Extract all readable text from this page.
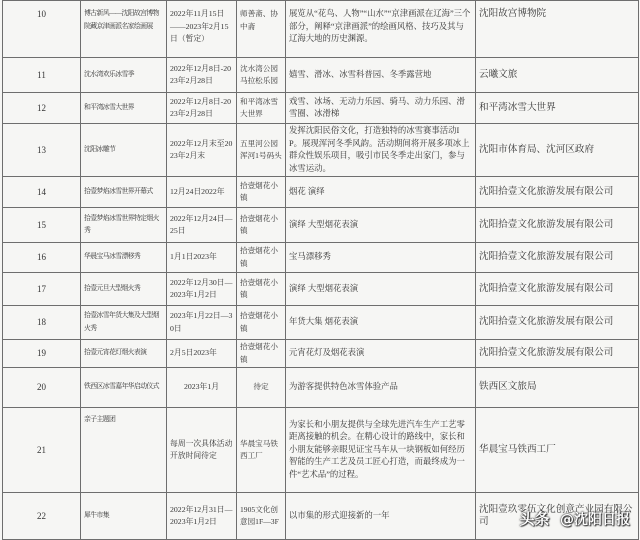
10	博古新风——沈阳故宫博物院藏京津画派名家绘画展	2022年11月15日——2023年2月15日（暂定）	师善斋、协中斋	展览从“花鸟、人物”“山水”“京津画派在辽海”三个部分，阐释“京津画派”的绘画风格、技巧及其与辽海大地的历史渊源。	沈阳故宫博物院
11	沈水湾欢乐冰雪季	2022年12月8日-2023年2月28日	沈水湾公园马拉松乐园	嬉雪、滑冰、冰雪科普园、冬季露营地	云曦文旅
12	和平湾冰雪大世界	2022年12月8日-2023年2月28日	和平湾冰雪大世界	戏雪、冰场、无动力乐园、骑马、动力乐园、滑雪圈、冰滑梯	和平湾冰雪大世界
13	沈阳冰雕节	2022年12月末至2023年2月末	五里河公园浑河1号码头	发挥沈阳民俗文化，打造独特的冰雪赛事活动IP。展现浑河冬季风韵。活动期间将开展多项冰上群众性娱乐项目，吸引市民冬季走出家门，参与冰雪运动。	沈阳市体育局、沈河区政府
14	拾壹梦焰冰雪世界开幕式	12月24日2022年	拾壹烟花小镇	烟花 演绎	沈阳拾壹文化旅游发展有限公司
15	拾壹梦焰冰雪世界特定烟火秀	2022年12月24日—25日	拾壹烟花小镇	演绎 大型烟花表演	沈阳拾壹文化旅游发展有限公司
16	华晨宝马冰雪漂移秀	1月1日2023年	拾壹烟花小镇	宝马漂移秀	沈阳拾壹文化旅游发展有限公司
17	拾壹元旦大型烟火秀	2022年12月30日—2023年1月2日	拾壹烟花小镇	演绎 大型烟花表演	沈阳拾壹文化旅游发展有限公司
18	拾壹冰雪年货大集及大型烟火秀	2023年1月22日—30日	拾壹烟花小镇	年货大集 烟花表演	沈阳拾壹文化旅游发展有限公司
19	拾壹元宵花灯烟火表演	2月5日2023年	拾壹烟花小镇	元宵花灯及烟花表演	沈阳拾壹文化旅游发展有限公司
20	铁西区冰雪嘉年华启动仪式	2023年1月	待定	为游客提供特色冰雪体验产品	铁西区文旅局
21	亲子主题团	每周一次具体活动开放时间待定	华晨宝马铁西工厂	为家长和小朋友提供与全球先进汽车生产工艺零距离接触的机会。在精心设计的路线中，家长和小朋友能够亲眼见证宝马车从一块钢板如何经历智能的生产工艺及员工匠心打造，而最终成为一件“艺术品”的过程。	华晨宝马铁西工厂
22	犀牛市集	2022年12月31日—2023年1月2日	1905文化创意园1F—3F	以市集的形式迎接新的一年	沈阳壹玖零伍文化创意产业园有限公司 头条 @沈阳日报
